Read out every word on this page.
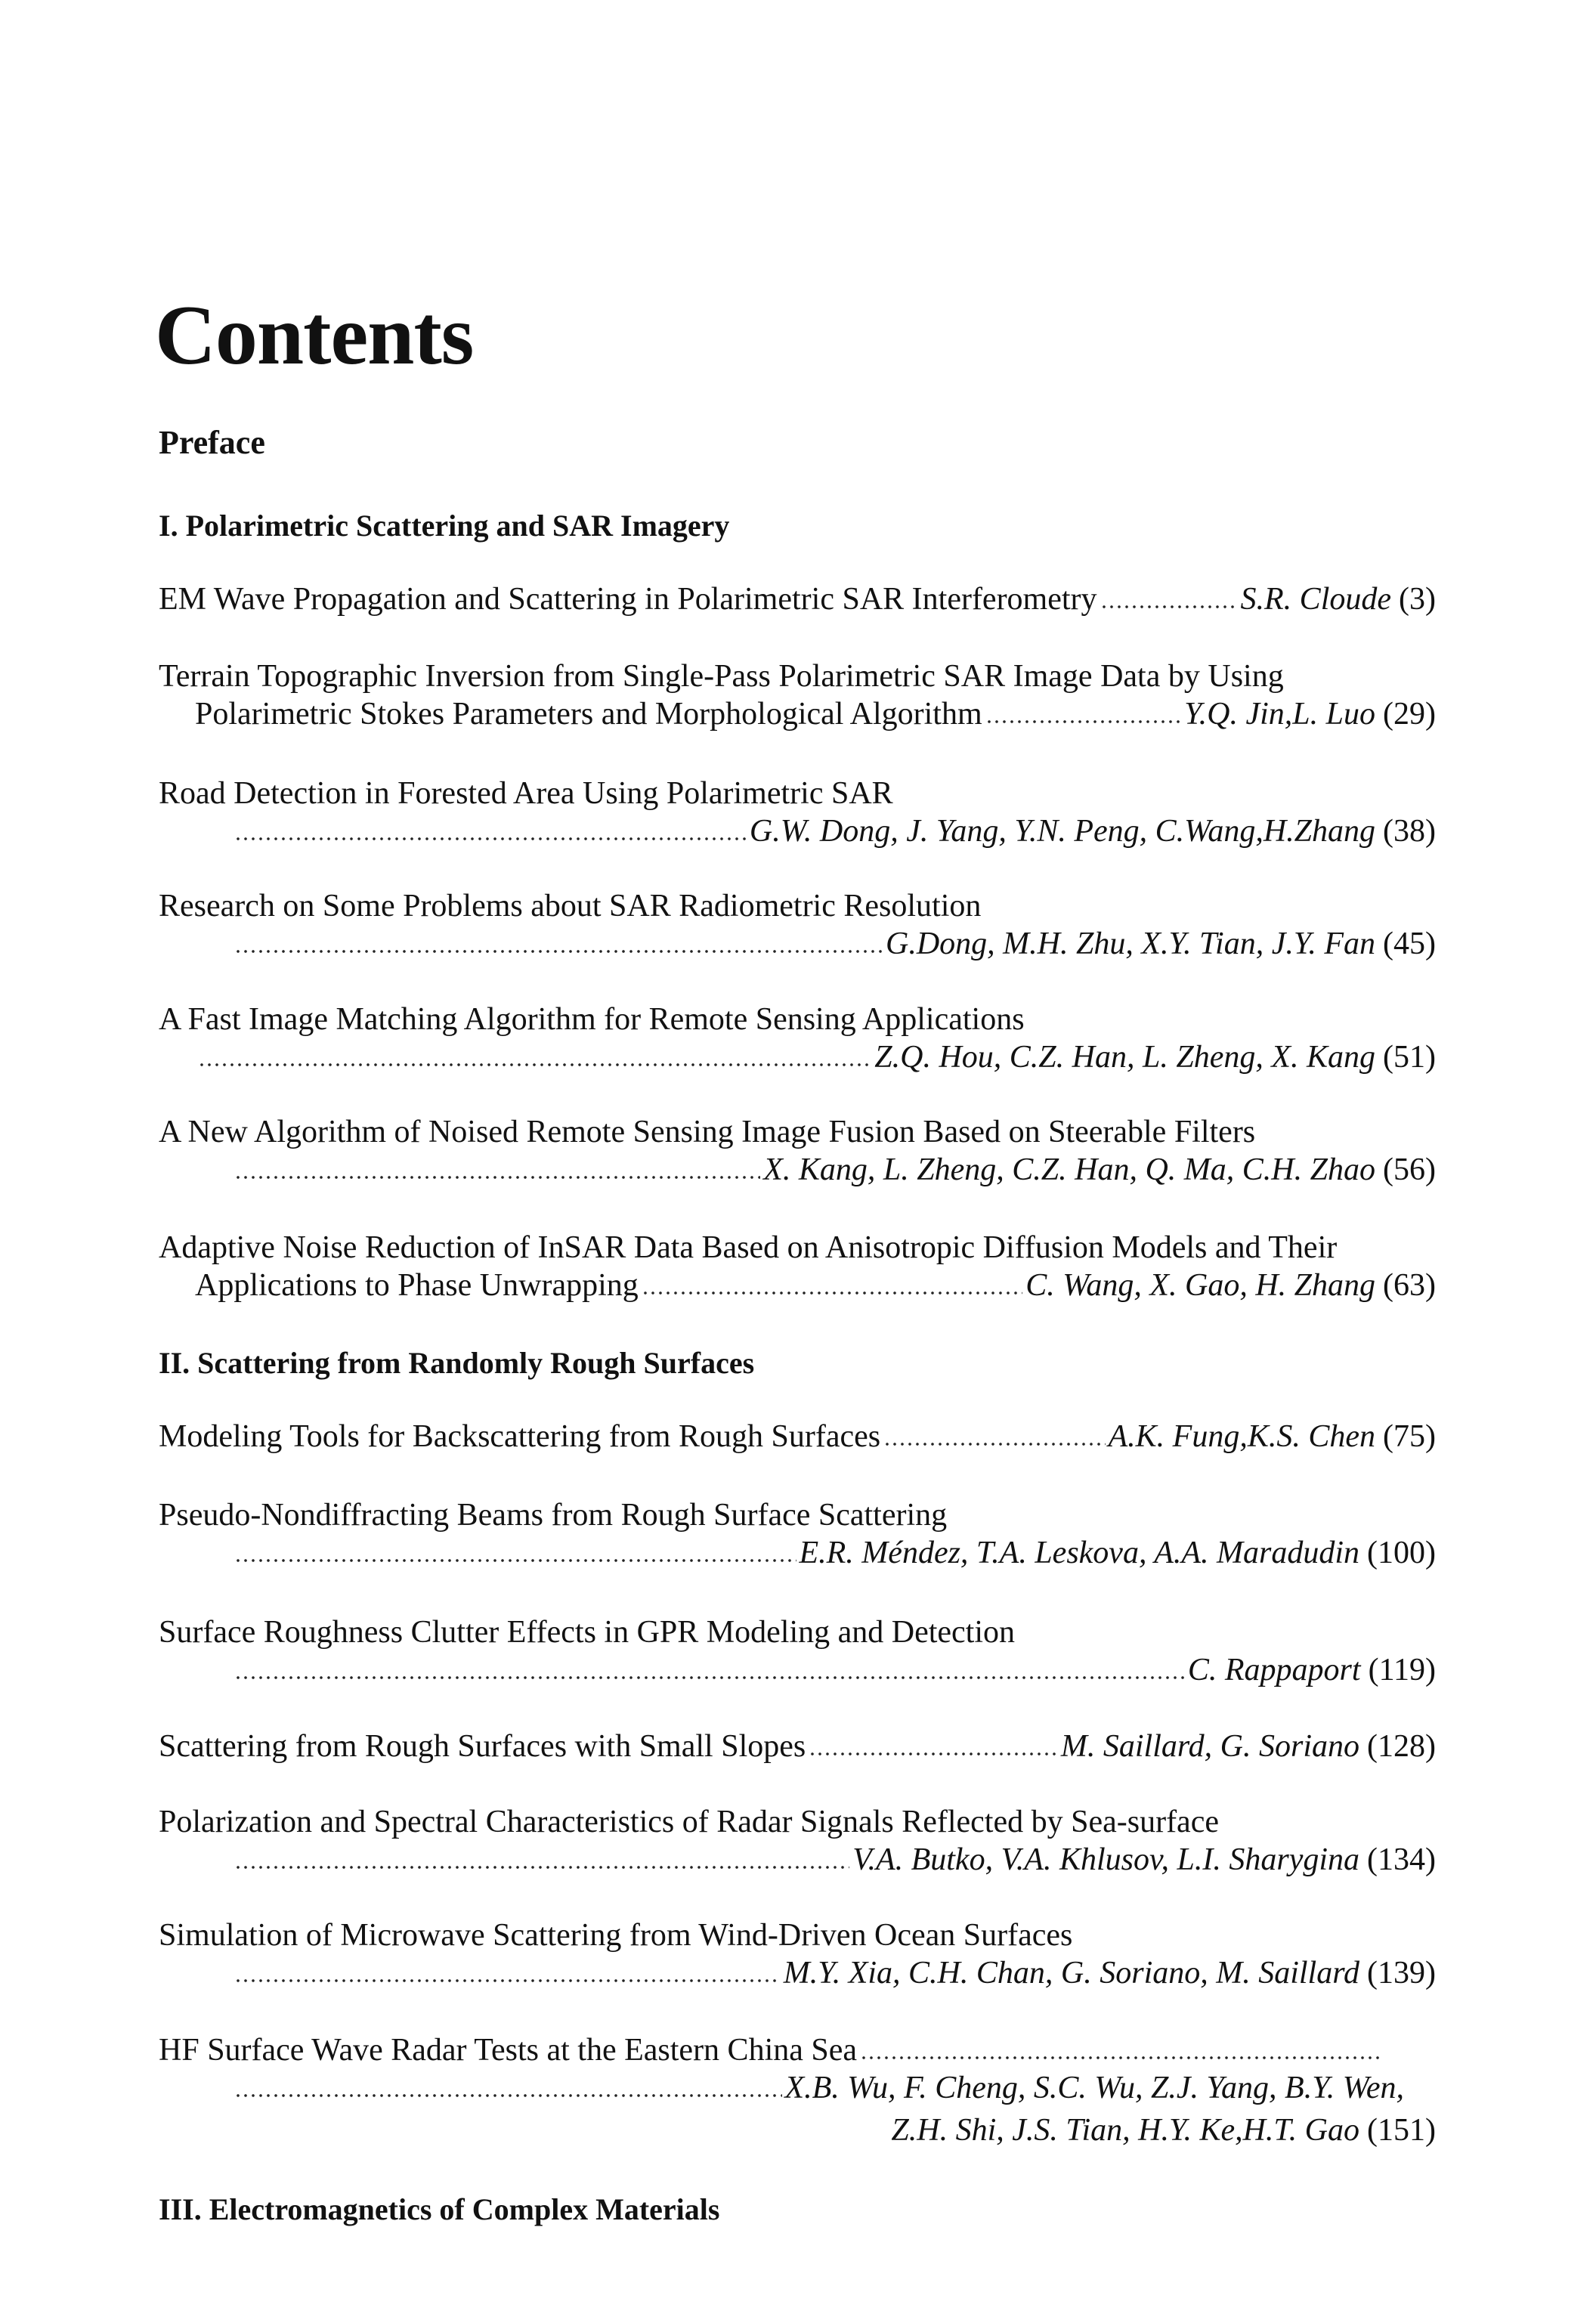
Contents
Preface
I. Polarimetric Scattering and SAR Imagery
EM Wave Propagation and Scattering in Polarimetric SAR Interferometry	S.R. Cloude (3)
Terrain Topographic Inversion from Single-Pass Polarimetric SAR Image Data by Using
Polarimetric Stokes Parameters and Morphological Algorithm	Y.Q. Jin,L. Luo (29)
Road Detection in Forested Area Using Polarimetric SAR
G.W. Dong, J. Yang, Y.N. Peng, C.Wang,H.Zhang (38)
Research on Some Problems about SAR Radiometric Resolution
G.Dong, M.H. Zhu, X.Y. Tian, J.Y. Fan (45)
A Fast Image Matching Algorithm for Remote Sensing Applications
Z.Q. Hou, C.Z. Han, L. Zheng, X. Kang (51)
A New Algorithm of Noised Remote Sensing Image Fusion Based on Steerable Filters
X. Kang, L. Zheng, C.Z. Han, Q. Ma, C.H. Zhao (56)
Adaptive Noise Reduction of InSAR Data Based on Anisotropic Diffusion Models and Their
Applications to Phase Unwrapping	C. Wang, X. Gao, H. Zhang (63)
II. Scattering from Randomly Rough Surfaces
Modeling Tools for Backscattering from Rough Surfaces	A.K. Fung,K.S. Chen (75)
Pseudo-Nondiffracting Beams from Rough Surface Scattering
E.R. Méndez, T.A. Leskova, A.A. Maradudin (100)
Surface Roughness Clutter Effects in GPR Modeling and Detection
C. Rappaport (119)
Scattering from Rough Surfaces with Small Slopes	M. Saillard, G. Soriano (128)
Polarization and Spectral Characteristics of Radar Signals Reflected by Sea-surface
V.A. Butko, V.A. Khlusov, L.I. Sharygina (134)
Simulation of Microwave Scattering from Wind-Driven Ocean Surfaces
M.Y. Xia, C.H. Chan, G. Soriano, M. Saillard (139)
HF Surface Wave Radar Tests at the Eastern China Sea
X.B. Wu, F. Cheng, S.C. Wu, Z.J. Yang, B.Y. Wen,
Z.H. Shi, J.S. Tian, H.Y. Ke,H.T. Gao (151)
III. Electromagnetics of Complex Materials
